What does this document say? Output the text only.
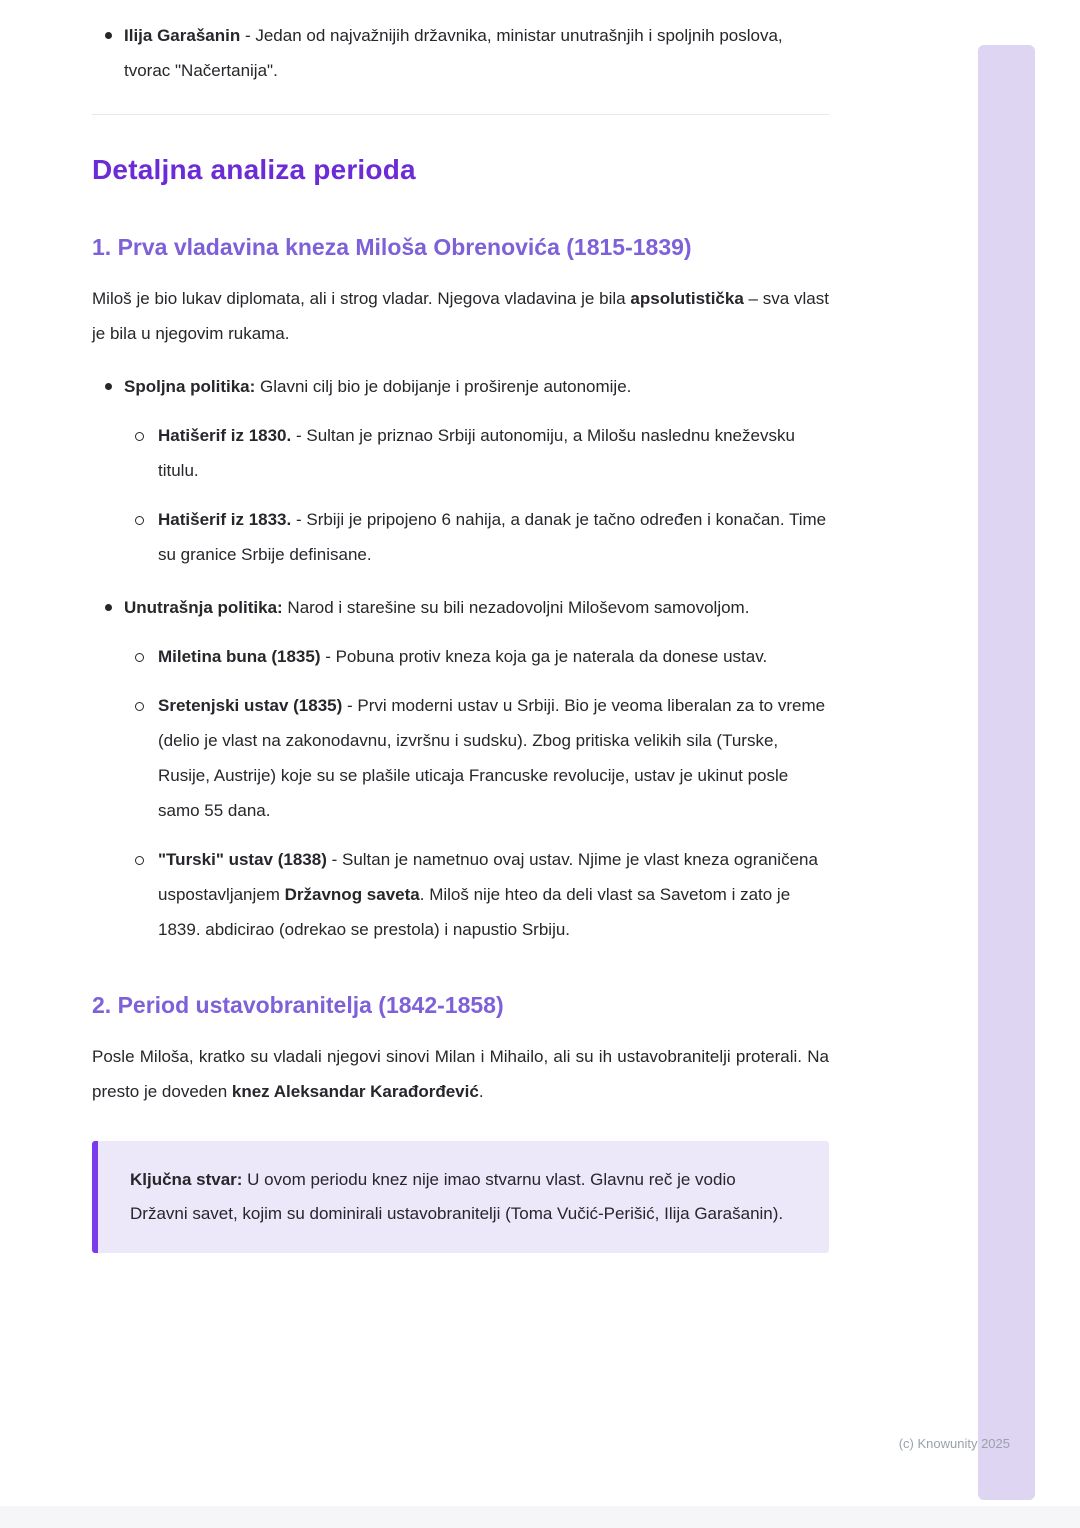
Ilija Garašanin - Jedan od najvažnijih državnika, ministar unutrašnjih i spoljnih poslova, tvorac "Načertanija".
Detaljna analiza perioda
1. Prva vladavina kneza Miloša Obrenovića (1815-1839)

Miloš je bio lukav diplomata, ali i strog vladar. Njegova vladavina je bila apsolutistička – sva vlast je bila u njegovim rukama.

Spoljna politika: Glavni cilj bio je dobijanje i proširenje autonomije.
Hatišerif iz 1830. - Sultan je priznao Srbiji autonomiju, a Milošu naslednu kneževsku titulu.
Hatišerif iz 1833. - Srbiji je pripojeno 6 nahija, a danak je tačno određen i konačan. Time su granice Srbije definisane.
Unutrašnja politika: Narod i starešine su bili nezadovoljni Miloševom samovoljom.
Miletina buna (1835) - Pobuna protiv kneza koja ga je naterala da donese ustav.
Sretenjski ustav (1835) - Prvi moderni ustav u Srbiji. Bio je veoma liberalan za to vreme (delio je vlast na zakonodavnu, izvršnu i sudsku). Zbog pritiska velikih sila (Turske, Rusije, Austrije) koje su se plašile uticaja Francuske revolucije, ustav je ukinut posle samo 55 dana.
"Turski" ustav (1838) - Sultan je nametnuo ovaj ustav. Njime je vlast kneza ograničena uspostavljanjem Državnog saveta. Miloš nije hteo da deli vlast sa Savetom i zato je 1839. abdicirao (odrekao se prestola) i napustio Srbiju.
2. Period ustavobranitelja (1842-1858)

Posle Miloša, kratko su vladali njegovi sinovi Milan i Mihailo, ali su ih ustavobranitelji proterali. Na presto je doveden knez Aleksandar Karađorđević.

Ključna stvar: U ovom periodu knez nije imao stvarnu vlast. Glavnu reč je vodio Državni savet, kojim su dominirali ustavobranitelji (Toma Vučić-Perišić, Ilija Garašanin).
(c) Knowunity 2025
